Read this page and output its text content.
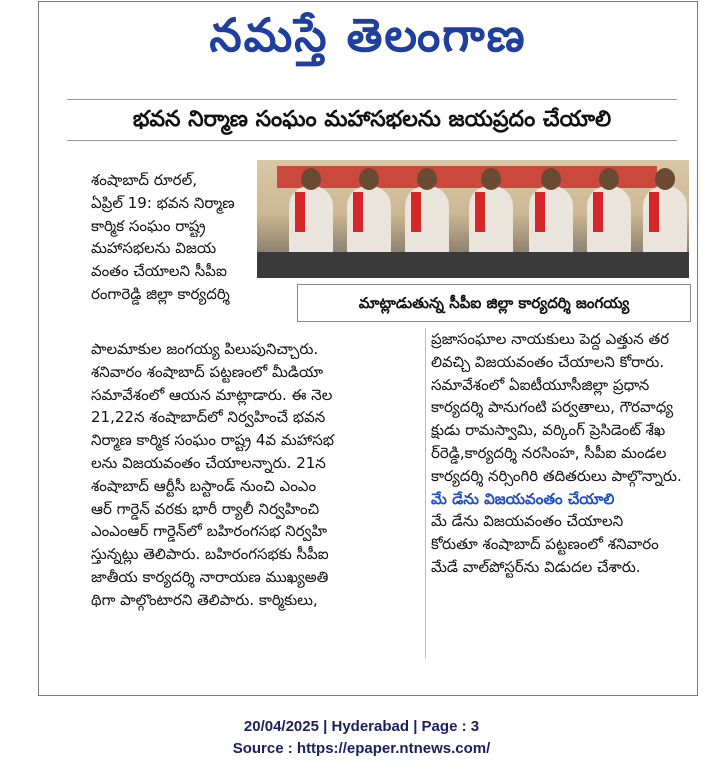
నమస్తే తెలంగాణ
భవన నిర్మాణ సంఘం మహాసభలను జయప్రదం చేయాలి
మాట్లాడుతున్న సీపీఐ జిల్లా కార్యదర్శి జంగయ్య

శంషాబాద్ రూరల్,

ఏప్రిల్ 19: భవన నిర్మాణ

కార్మిక సంఘం రాష్ట్ర

మహాసభలను విజయ

వంతం చేయాలని సీపీఐ

రంగారెడ్డి జిల్లా కార్యదర్శి

పాలమాకుల జంగయ్య పిలుపునిచ్చారు.

శనివారం శంషాబాద్ పట్టణంలో మీడియా

సమావేశంలో ఆయన మాట్లాడారు. ఈ నెల

21,22న శంషాబాద్‌లో నిర్వహించే భవన

నిర్మాణ కార్మిక సంఘం రాష్ట్ర 4వ మహాసభ

లను విజయవంతం చేయాలన్నారు. 21న

శంషాబాద్ ఆర్టీసీ బస్టాండ్ నుంచి ఎంఎం

ఆర్ గార్డెన్ వరకు భారీ ర్యాలీ నిర్వహించి

ఎంఎంఆర్ గార్డెన్‌లో బహిరంగసభ నిర్వహి

స్తున్నట్లు తెలిపారు. బహిరంగసభకు సీపీఐ

జాతీయ కార్యదర్శి నారాయణ ముఖ్యఅతి

థిగా పాల్గొంటారని తెలిపారు. కార్మికులు,

ప్రజాసంఘాల నాయకులు పెద్ద ఎత్తున తర

లివచ్చి విజయవంతం చేయాలని కోరారు.

సమావేశంలో ఏఐటీయూసీజిల్లా ప్రధాన

కార్యదర్శి పానుగంటి పర్వతాలు, గౌరవాధ్య

క్షుడు రామస్వామి, వర్కింగ్ ప్రెసిడెంట్ శేఖ

ర్‌రెడ్డి,కార్యదర్శి నరసింహ, సీపీఐ మండల

కార్యదర్శి నర్సింగిరి తదితరులు పాల్గొన్నారు.

మే డేను విజయవంతం చేయాలి

మే డేను విజయవంతం చేయాలని

కోరుతూ శంషాబాద్ పట్టణంలో శనివారం

మేడే వాల్‌పోస్టర్‌ను విడుదల చేశారు.

20/04/2025 | Hyderabad | Page : 3
Source : https://epaper.ntnews.com/
